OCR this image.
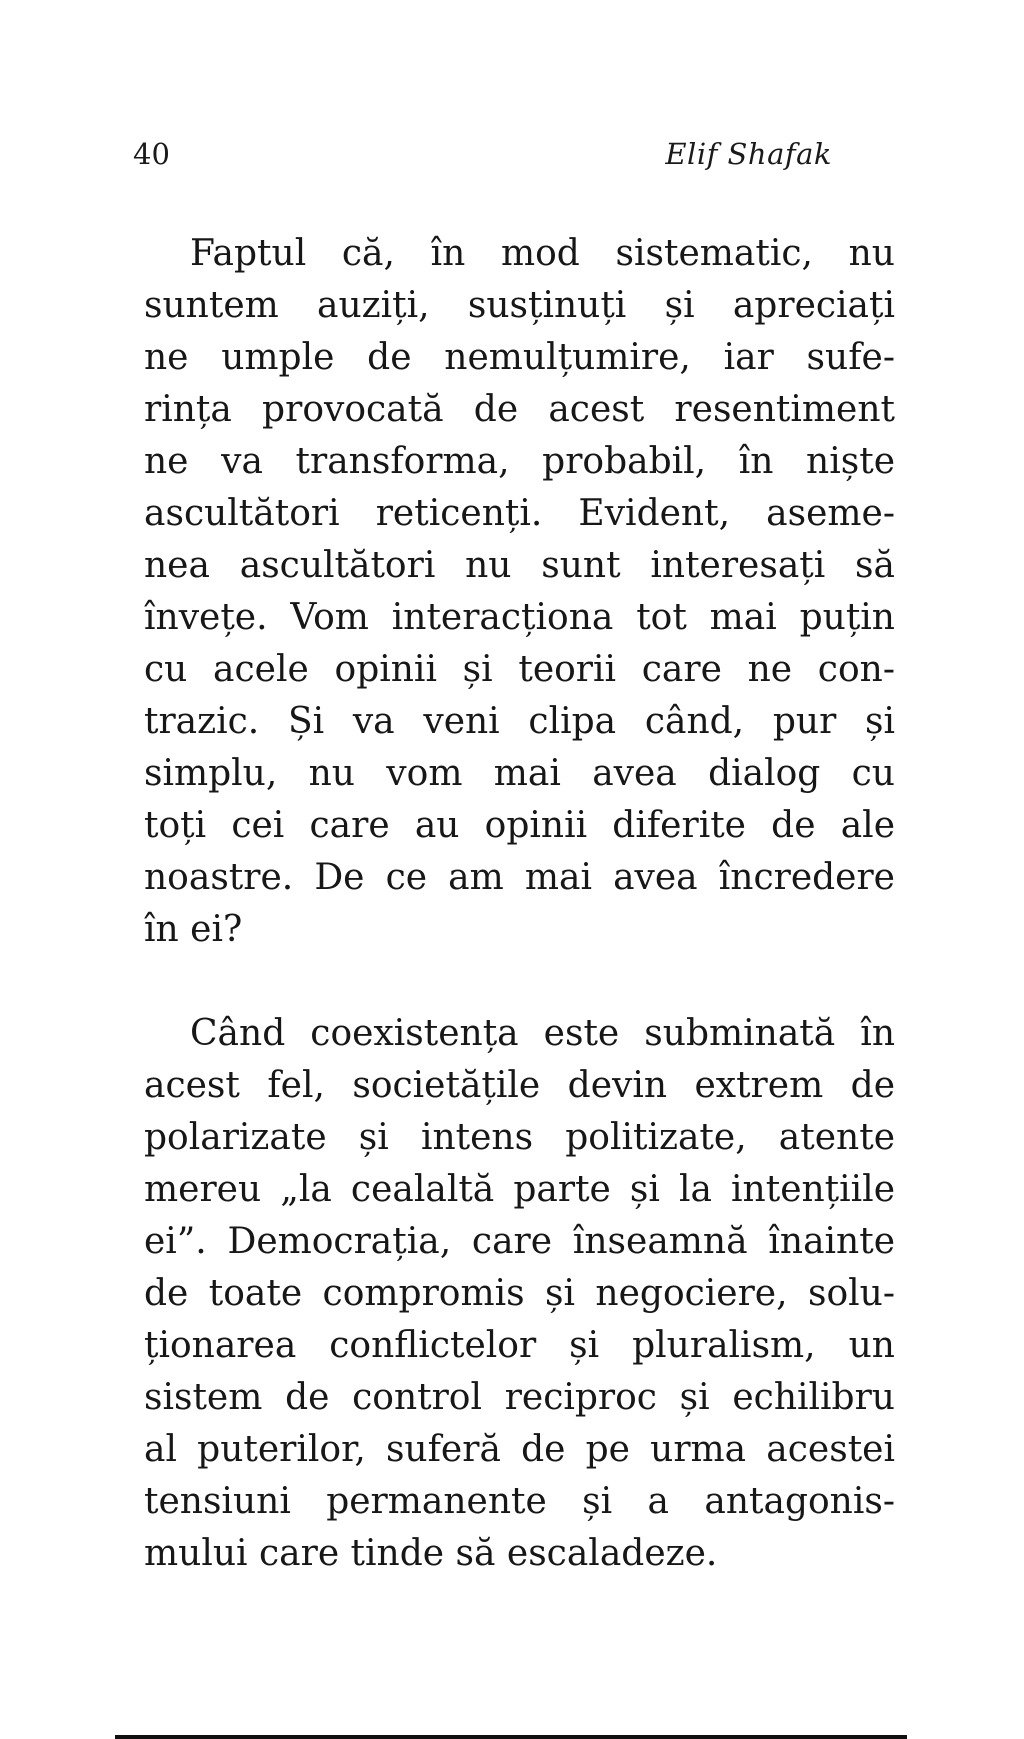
40	Elif Shafak
Faptul că, în mod sistematic, nu
suntem auziți, susținuți și apreciați
ne umple de nemulțumire, iar sufe-
rința provocată de acest resentiment
ne va transforma, probabil, în niște
ascultători reticenți. Evident, aseme-
nea ascultători nu sunt interesați să
învețe. Vom interacționa tot mai puțin
cu acele opinii și teorii care ne con-
trazic. Și va veni clipa când, pur și
simplu, nu vom mai avea dialog cu
toți cei care au opinii diferite de ale
noastre. De ce am mai avea încredere
în ei?
Când coexistența este subminată în
acest fel, societățile devin extrem de
polarizate și intens politizate, atente
mereu „la cealaltă parte și la intențiile
ei”. Democrația, care înseamnă înainte
de toate compromis și negociere, solu-
ționarea conflictelor și pluralism, un
sistem de control reciproc și echilibru
al puterilor, suferă de pe urma acestei
tensiuni permanente și a antagonis-
mului care tinde să escaladeze.
